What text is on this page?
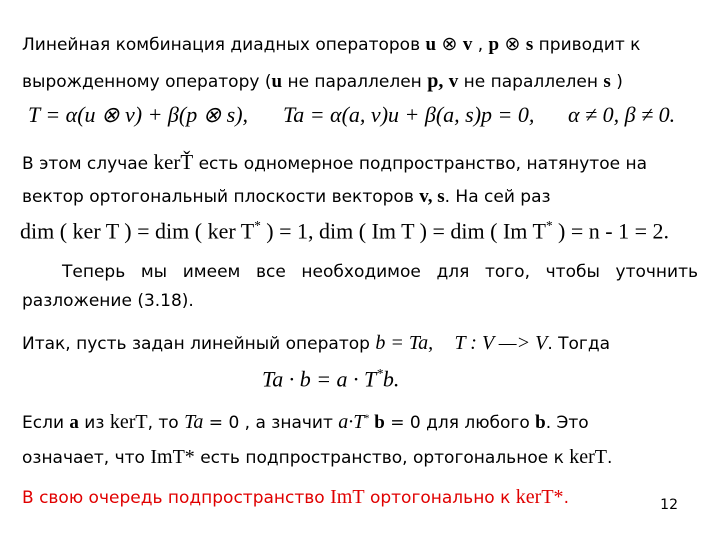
Линейная комбинация диадных операторов u ⊗ v , p ⊗ s приводит к
вырожденному оператору (u не параллелен p, v не параллелен s )
T = α(u ⊗ v) + β(p ⊗ s), Ta = α(a, v)u + β(a, s)p = 0, α ≠ 0, β ≠ 0.
В этом случае kerŤ есть одномерное подпространство, натянутое на
вектор ортогональный плоскости векторов v, s. На сей раз
dim ( ker T ) = dim ( ker T* ) = 1, dim ( Im T ) = dim ( Im T* ) = n - 1 = 2.
Теперь мы имеем все необходимое для того, чтобы уточнить
разложение (3.18).
Итак, пусть задан линейный оператор b = Ta, T : V —> V. Тогда
Ta · b = a · T*b.
Если a из kerT, то Ta = 0 , а значит a·T* b = 0 для любого b. Это
означает, что ImT* есть подпространство, ортогональное к kerT.
В свою очередь подпространство ImT ортогонально к kerT*.	12
